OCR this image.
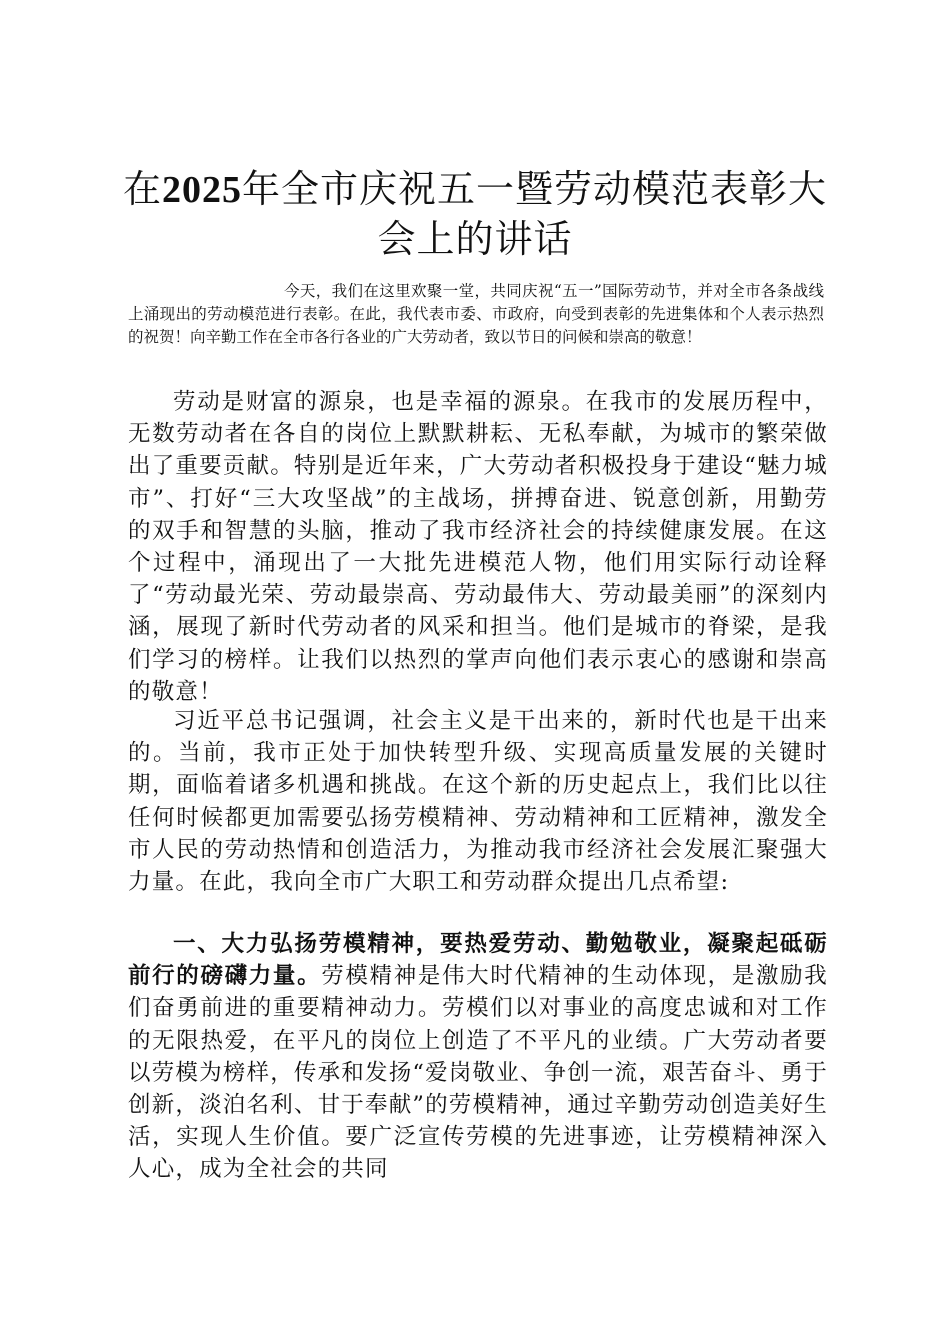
在2025年全市庆祝五一暨劳动模范表彰大会上的讲话

今天，我们在这里欢聚一堂，共同庆祝“五一”国际劳动节，并对全市各条战线上涌现出的劳动模范进行表彰。在此，我代表市委、市政府，向受到表彰的先进集体和个人表示热烈的祝贺！向辛勤工作在全市各行各业的广大劳动者，致以节日的问候和崇高的敬意！

劳动是财富的源泉，也是幸福的源泉。在我市的发展历程中，无数劳动者在各自的岗位上默默耕耘、无私奉献，为城市的繁荣做出了重要贡献。特别是近年来，广大劳动者积极投身于建设“魅力城市”、打好“三大攻坚战”的主战场，拼搏奋进、锐意创新，用勤劳的双手和智慧的头脑，推动了我市经济社会的持续健康发展。在这个过程中，涌现出了一大批先进模范人物，他们用实际行动诠释了“劳动最光荣、劳动最崇高、劳动最伟大、劳动最美丽”的深刻内涵，展现了新时代劳动者的风采和担当。他们是城市的脊梁，是我们学习的榜样。让我们以热烈的掌声向他们表示衷心的感谢和崇高的敬意！

习近平总书记强调，社会主义是干出来的，新时代也是干出来的。当前，我市正处于加快转型升级、实现高质量发展的关键时期，面临着诸多机遇和挑战。在这个新的历史起点上，我们比以往任何时候都更加需要弘扬劳模精神、劳动精神和工匠精神，激发全市人民的劳动热情和创造活力，为推动我市经济社会发展汇聚强大力量。在此，我向全市广大职工和劳动群众提出几点希望:

一、大力弘扬劳模精神，要热爱劳动、勤勉敬业，凝聚起砥砺前行的磅礴力量。劳模精神是伟大时代精神的生动体现，是激励我们奋勇前进的重要精神动力。劳模们以对事业的高度忠诚和对工作的无限热爱，在平凡的岗位上创造了不平凡的业绩。广大劳动者要以劳模为榜样，传承和发扬“爱岗敬业、争创一流，艰苦奋斗、勇于创新，淡泊名利、甘于奉献”的劳模精神，通过辛勤劳动创造美好生活，实现人生价值。要广泛宣传劳模的先进事迹，让劳模精神深入人心，成为全社会的共同
